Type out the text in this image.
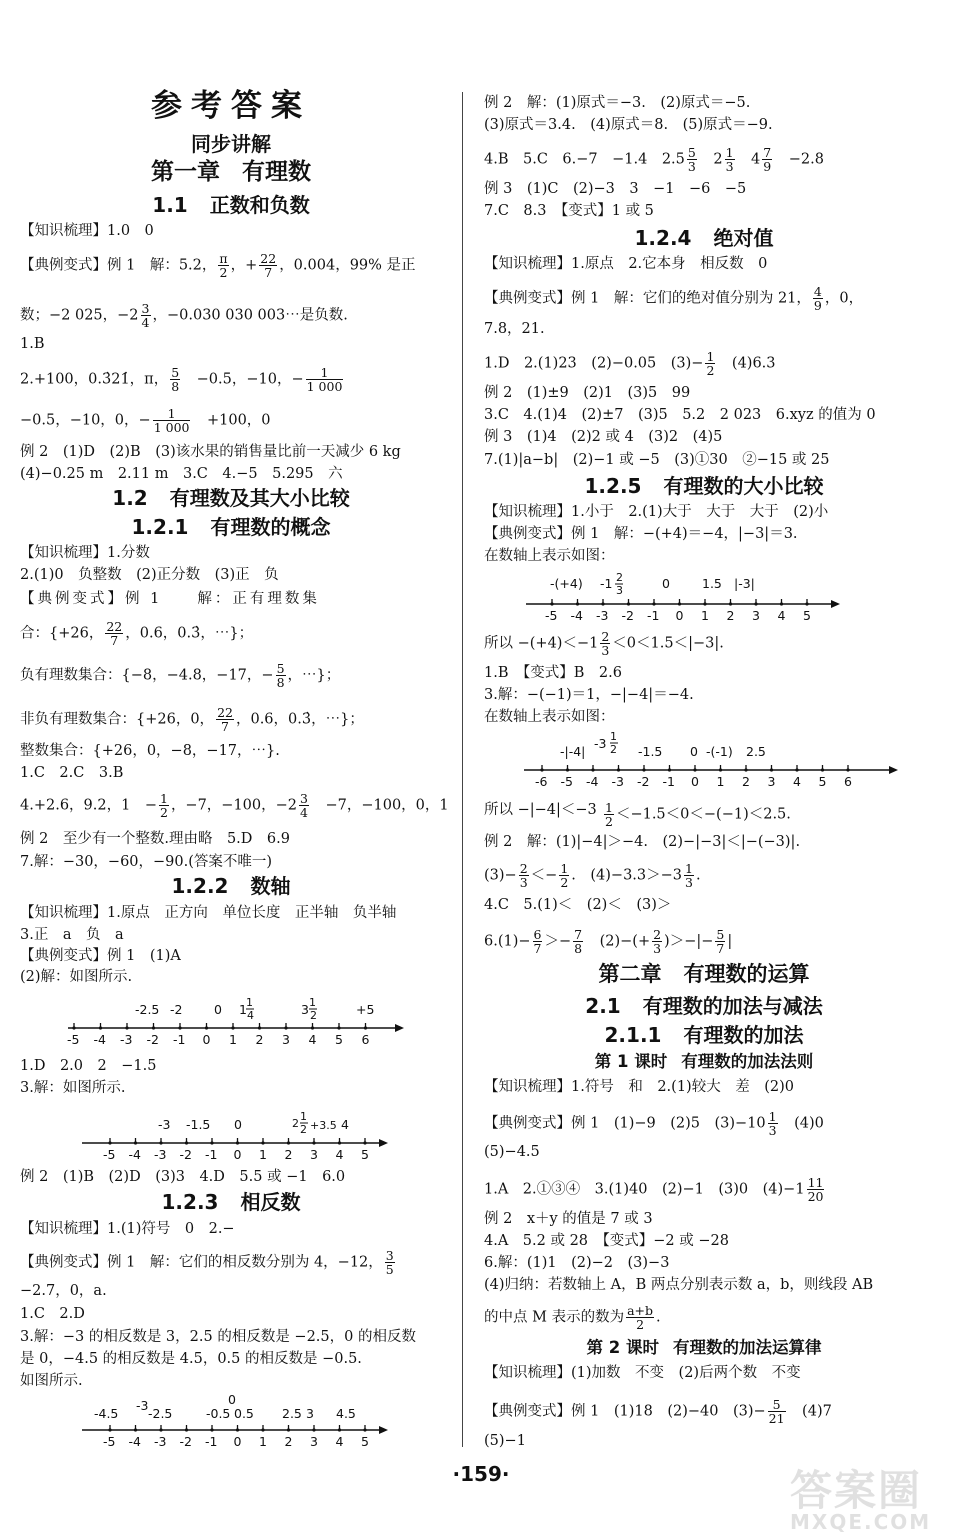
参考答案
同步讲解
第一章 有理数
1.1 正数和负数
【知识梳理】1.0　0
【典例变式】例 1　解：5.2， $\frac{\pi}{2}$ ，+ $\frac{22}{7}$ ，0.004，99% 是正
数；−2 025，$-2 \frac{3}{4}$ ，−0.030 030 003⋯是负数.
1.B
2.+100，0.3̇21̇，π， $\frac{5}{8}$ 　−0.5，−10，− $\frac{1}{1 000}$
−0.5，−10，0，− $\frac{1}{1 000}$ 　+100，0
例 2　(1)D　(2)B　(3)该水果的销售量比前一天减少 6 kg
(4)−0.25 m　2.11 m　3.C　4.−5　5.295　六
1.2 有理数及其大小比较
1.2.1 有理数的概念
【知识梳理】1.分数
2.(1)0　负整数　(2)正分数　(3)正　负
【典例变式】例 1　　解：正有理数集
合：{+26， $\frac{22}{7}$ ，0.6，0.3̇，⋯}；
负有理数集合：{−8，−4.8，−17，− $\frac{5}{8}$ ，⋯}；
非负有理数集合：{+26，0， $\frac{22}{7}$ ，0.6，0.3̇，⋯}；
整数集合：{+26，0，−8，−17，⋯}.
1.C　2.C　3.B
4.+2.6，9.2，1　− $\frac{1}{2}$ ，−7，−100，$-2 \frac{3}{4}$ 　−7，−100，0，1
例 2　至少有一个整数.理由略　5.D　6.9
7.解：−30，−60，−90.(答案不唯一)
1.2.2 数轴
【知识梳理】1.原点　正方向　单位长度　正半轴　负半轴
3.正　a　负　a
【典例变式】例 1　(1)A
(2)解：如图所示.
-5 -4 -3 -2 -1 0 1 2 3 4 5 6
-2.5 -2	0 1 1
4	3 1
2	+5
1.D　2.0　2　−1.5
3.解：如图所示.
-5 -4 -3 -2 -1 0 1 2 3 4 5
-3 -1.5 0	2
1
2 +3.5 4
例 2　(1)B　(2)D　(3)3　4.D　5.5 或 −1　6.0
1.2.3 相反数
【知识梳理】1.(1)符号　0　2.−
【典例变式】例 1　解：它们的相反数分别为 4，−12， $\frac{3}{5}$
−2.7，0，a.
1.C　2.D
3.解：−3 的相反数是 3，2.5 的相反数是 −2.5，0 的相反数
是 0，−4.5 的相反数是 4.5，0.5 的相反数是 −0.5.
如图所示.
-5 -4 -3 -2 -1 0 1 2 3 4 5
-4.5
-3
-2.5
0
-0.5 0.5 2.5 3 4.5
例 2　解：(1)原式＝−3.　(2)原式＝−5.
(3)原式＝3.4.　(4)原式＝8.　(5)原式＝−9.
4.B　5.C　6.−7　−1.4　$2.5 \frac{5}{3}$ 　$2 \frac{1}{3}$ 　$4 \frac{7}{9}$ 　−2.8
例 3　(1)C　(2)−3　3　−1　−6　−5
7.C　8.3　【变式】1 或 5
1.2.4 绝对值
【知识梳理】1.原点　2.它本身　相反数　0
【典例变式】例 1　解：它们的绝对值分别为 21， $\frac{4}{9}$ ，0，
7.8，21.
1.D　2.(1)23　(2)−0.05　$(3)- \frac{1}{2}$ 　(4)6.3
例 2　(1)±9　(2)1　(3)5　99
3.C　4.(1)4　(2)±7　(3)5　5.2　2 023　6.xyz 的值为 0
例 3　(1)4　(2)2 或 4　(3)2　(4)5
7.(1)|a−b|　(2)−1 或 −5　(3)①30　②−15 或 25
1.2.5 有理数的大小比较
【知识梳理】1.小于　2.(1)大于　大于　大于　(2)小
【典例变式】例 1　解：−(+4)＝−4，|−3|＝3.
在数轴上表示如图：
-5 -4 -3 -2 -1 0 1 2 3 4 5
-(+4) -1 2
3	0	1.5 |-3|
所以 $-(+4)<-1 \frac{2}{3} <0<1.5<|-3|$.
1.B　【变式】B　2.6
3.解：−(−1)＝1，−|−4|＝−4.
在数轴上表示如图：
-6 -5 -4 -3 -2 -1 0 1 2 3 4 5 6
-|-4|
-3 1
2 -1.5 0 -(-1) 2.5
所以 $-|-4|<-3 \frac{1}{2} <-1.5<0<-(-1)<2.5$.
例 2　解：(1)|−4|＞−4.　(2)−|−3|＜|−(−3)|.
$(3)- \frac{2}{3} <- \frac{1}{2}$ .　$(4)-3.3>-3 \frac{1}{3}$ .
4.C　5.(1)＜　(2)＜　(3)＞
$6.(1)- \frac{6}{7} >- \frac{7}{8}$ 　$(2)-(+ \frac{2}{3}$ )＞−|− $\frac{5}{7}$ |
第二章 有理数的运算
2.1 有理数的加法与减法
2.1.1 有理数的加法
第 1 课时 有理数的加法法则
【知识梳理】1.符号　和　2.(1)较大　差　(2)0
【典例变式】例 1　(1)−9　(2)5　$(3)-10 \frac{1}{3}$ 　(4)0
(5)−4.5
1.A　2.①③④　3.(1)40　(2)−1　(3)0　$(4)-1 \frac{11}{20}$
例 2　x＋y 的值是 7 或 3
4.A　5.2 或 28　【变式】−2 或 −28
6.解：(1)1　(2)−2　(3)−3
(4)归纳：若数轴上 A，B 两点分别表示数 a，b，则线段 AB
的中点 M 表示的数为 $\frac{a+b}{2}$ .
第 2 课时 有理数的加法运算律
【知识梳理】(1)加数　不变　(2)后两个数　不变
【典例变式】例 1　(1)18　(2)−40　$(3)- \frac{5}{21}$ 　(4)7
(5)−1
·159·	答案圈
MXQE.COM
